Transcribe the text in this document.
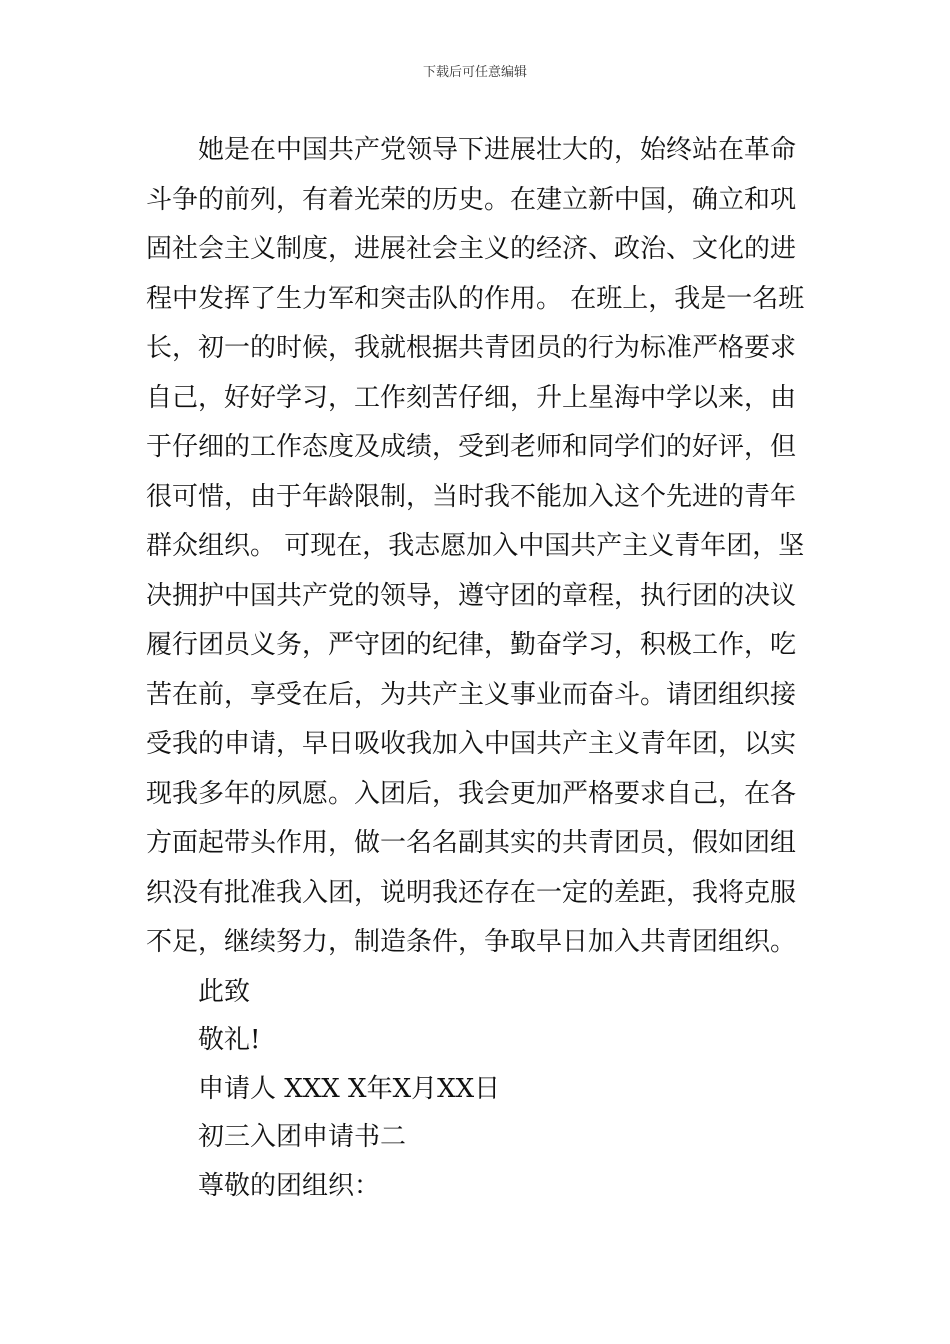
下载后可任意编辑
她是在中国共产党领导下进展壮大的，始终站在革命
斗争的前列，有着光荣的历史。在建立新中国，确立和巩
固社会主义制度，进展社会主义的经济、政治、文化的进
程中发挥了生力军和突击队的作用。 在班上，我是一名班
长，初一的时候，我就根据共青团员的行为标准严格要求
自己，好好学习，工作刻苦仔细，升上星海中学以来，由
于仔细的工作态度及成绩，受到老师和同学们的好评，但
很可惜，由于年龄限制，当时我不能加入这个先进的青年
群众组织。 可现在，我志愿加入中国共产主义青年团，坚
决拥护中国共产党的领导，遵守团的章程，执行团的决议
履行团员义务，严守团的纪律，勤奋学习，积极工作，吃
苦在前，享受在后，为共产主义事业而奋斗。请团组织接
受我的申请，早日吸收我加入中国共产主义青年团，以实
现我多年的夙愿。入团后，我会更加严格要求自己，在各
方面起带头作用，做一名名副其实的共青团员，假如团组
织没有批准我入团，说明我还存在一定的差距，我将克服
不足，继续努力，制造条件，争取早日加入共青团组织。
此致
敬礼!
申请人 XXX X年X月XX日
初三入团申请书二
尊敬的团组织：
